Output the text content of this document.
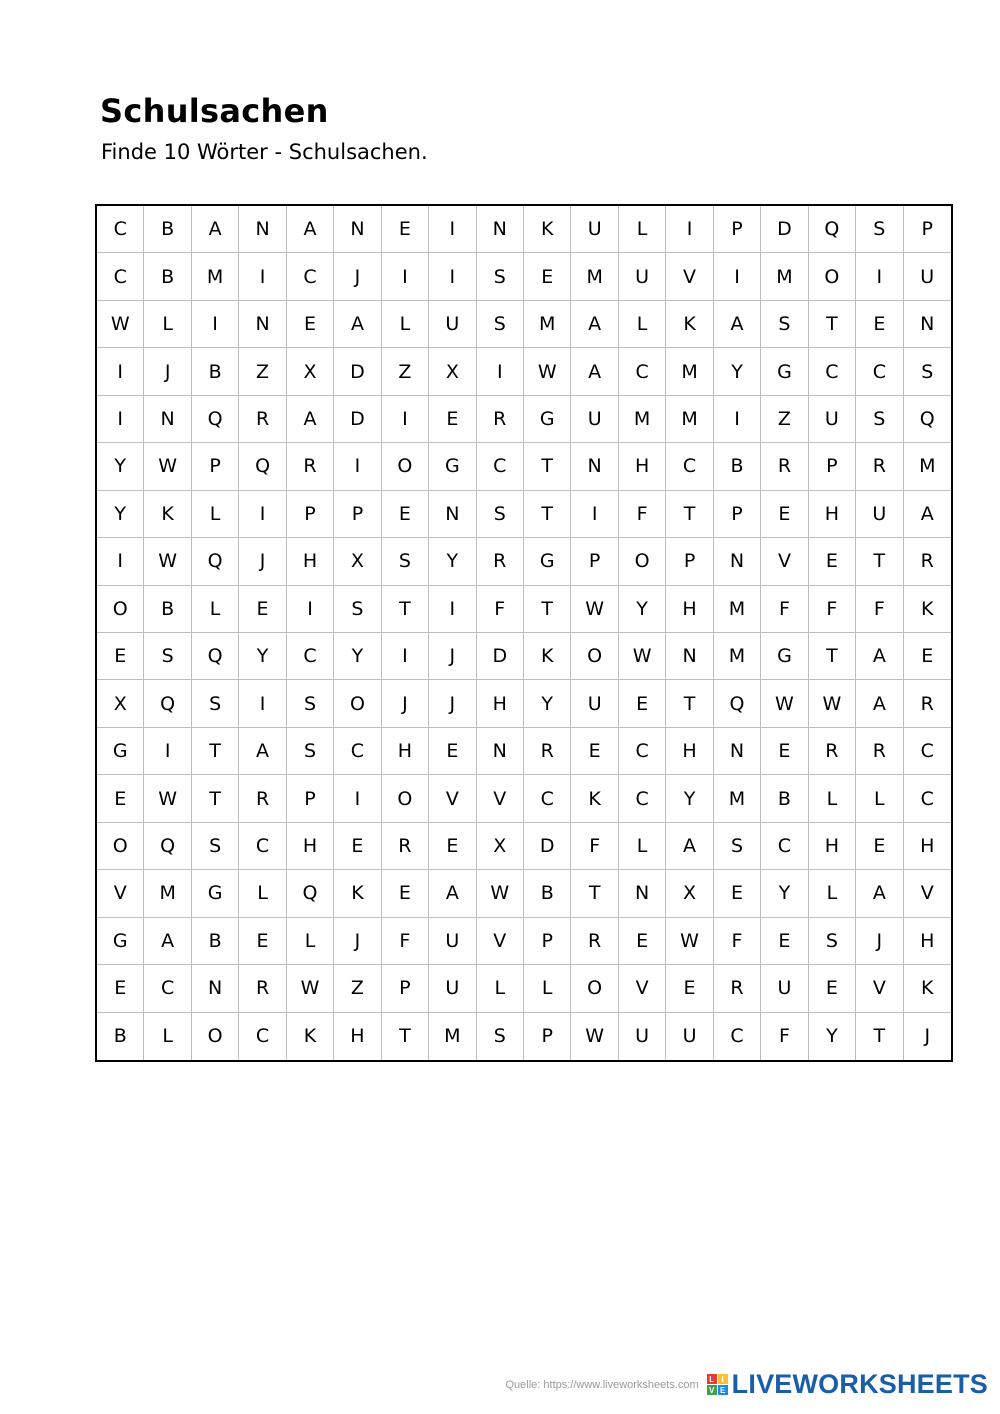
Schulsachen
Finde 10 Wörter - Schulsachen.
C	B	A	N	A	N	E	I	N	K	U	L	I	P	D	Q	S	P
C	B	M	I	C	J	I	I	S	E	M	U	V	I	M	O	I	U
W	L	I	N	E	A	L	U	S	M	A	L	K	A	S	T	E	N
I	J	B	Z	X	D	Z	X	I	W	A	C	M	Y	G	C	C	S
I	N	Q	R	A	D	I	E	R	G	U	M	M	I	Z	U	S	Q
Y	W	P	Q	R	I	O	G	C	T	N	H	C	B	R	P	R	M
Y	K	L	I	P	P	E	N	S	T	I	F	T	P	E	H	U	A
I	W	Q	J	H	X	S	Y	R	G	P	O	P	N	V	E	T	R
O	B	L	E	I	S	T	I	F	T	W	Y	H	M	F	F	F	K
E	S	Q	Y	C	Y	I	J	D	K	O	W	N	M	G	T	A	E
X	Q	S	I	S	O	J	J	H	Y	U	E	T	Q	W	W	A	R
G	I	T	A	S	C	H	E	N	R	E	C	H	N	E	R	R	C
E	W	T	R	P	I	O	V	V	C	K	C	Y	M	B	L	L	C
O	Q	S	C	H	E	R	E	X	D	F	L	A	S	C	H	E	H
V	M	G	L	Q	K	E	A	W	B	T	N	X	E	Y	L	A	V
G	A	B	E	L	J	F	U	V	P	R	E	W	F	E	S	J	H
E	C	N	R	W	Z	P	U	L	L	O	V	E	R	U	E	V	K
B	L	O	C	K	H	T	M	S	P	W	U	U	C	F	Y	T	J
Quelle: https://www.liveworksheets.com	L I
V E LIVEWORKSHEETS
